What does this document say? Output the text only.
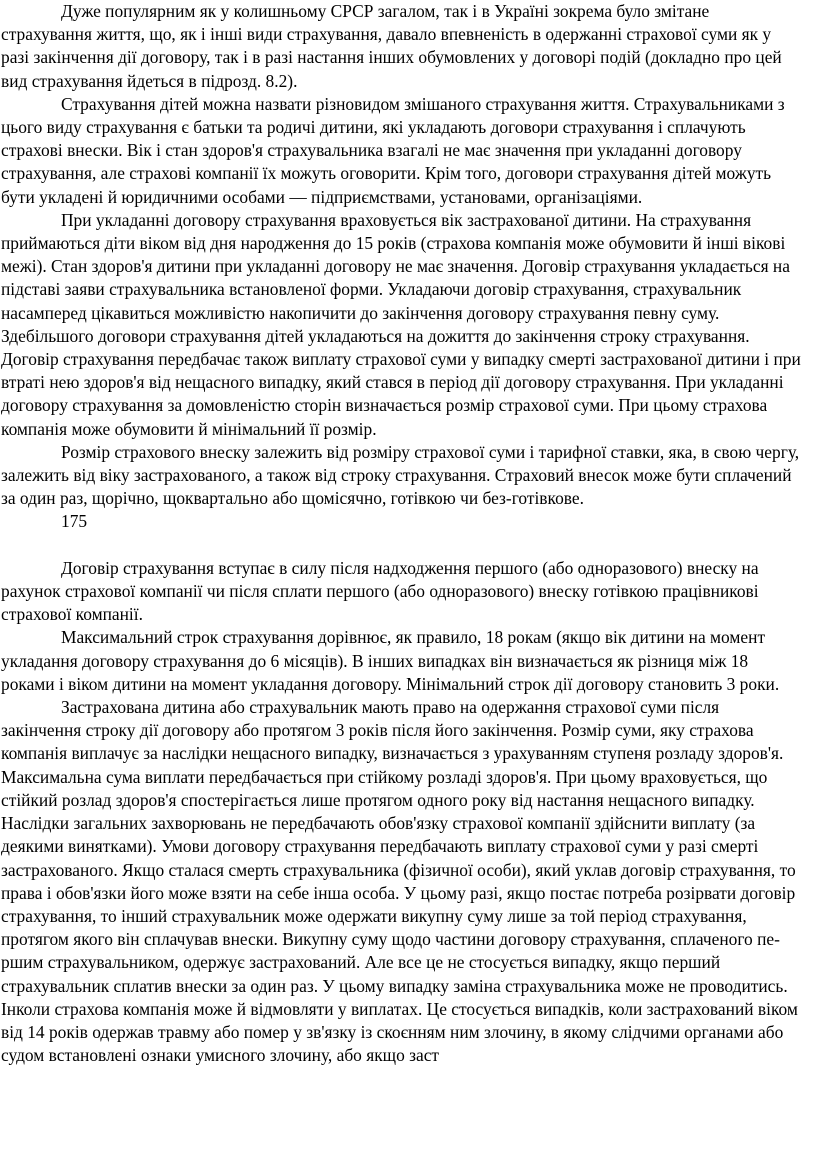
Дуже популярним як у колишньому СРСР загалом, так і в Україні зокрема було змітане страхування життя, що, як і інші види страхування, давало впевненість в одержанні страхової суми як у разі закінчення дії договору, так і в разі настання інших обумовлених у договорі подій (докладно про цей вид страхування йдеться в підрозд. 8.2).

Страхування дітей можна назвати різновидом змішаного страхування життя. Страхувальниками з цього виду страхування є батьки та родичі дитини, які укладають договори страхування і сплачують страхові внески. Вік і стан здоров'я страхувальника взагалі не має значення при укладанні договору страхування, але страхові компанії їх можуть оговорити. Крім того, договори страхування дітей можуть бути укладені й юридичними особами — підприємствами, установами, організаціями.

При укладанні договору страхування враховується вік застрахованої дитини. На страхування приймаються діти віком від дня народження до 15 років (страхова компанія може обумовити й інші вікові межі). Стан здоров'я дитини при укладанні договору не має значення. Договір страхування укладається на підставі заяви страхувальника встановленої форми. Укладаючи договір страхування, страхувальник насамперед цікавиться можливістю накопичити до закінчення договору страхування певну суму. Здебільшого договори страхування дітей укладаються на дожиття до закінчення строку страхування. Договір страхування передбачає також виплату страхової суми у випадку смерті застрахованої дитини і при втраті нею здоров'я від нещасного випадку, який стався в період дії договору страхування. При укладанні договору страхування за домовленістю сторін визначається розмір страхової суми. При цьому страхова компанія може обумовити й мінімальний її розмір.

Розмір страхового внеску залежить від розміру страхової суми і тарифної ставки, яка, в свою чергу, залежить від віку застрахованого, а також від строку страхування. Страховий внесок може бути сплачений за один раз, щорічно, щоквартально або щомісячно, готівкою чи без-готівкове.

175

Договір страхування вступає в силу після надходження першого (або одноразового) внеску на рахунок страхової компанії чи після сплати першого (або одноразового) внеску готівкою працівникові страхової компанії.

Максимальний строк страхування дорівнює, як правило, 18 рокам (якщо вік дитини на момент укладання договору страхування до 6 місяців). В інших випадках він визначається як різниця між 18 роками і віком дитини на момент укладання договору. Мінімальний строк дії договору становить 3 роки.

Застрахована дитина або страхувальник мають право на одержання страхової суми після закінчення строку дії договору або протягом 3 років після його закінчення. Розмір суми, яку страхова компанія виплачує за наслідки нещасного випадку, визначається з урахуванням ступеня розладу здоров'я. Максимальна сума виплати передбачається при стійкому розладі здоров'я. При цьому враховується, що стійкий розлад здоров'я спостерігається лише протягом одного року від настання нещасного випадку. Наслідки загальних захворювань не передбачають обов'язку страхової компанії здійснити виплату (за деякими винятками). Умови договору страхування передбачають виплату страхової суми у разі смерті застрахованого. Якщо сталася смерть страхувальника (фізичної особи), який уклав договір страхування, то права і обов'язки його може взяти на себе інша особа. У цьому разі, якщо постає потреба розірвати договір страхування, то інший страхувальник може одержати викупну суму лише за той період страхування, протягом якого він сплачував внески. Викупну суму щодо частини договору страхування, сплаченого пе-ршим страхувальником, одержує застрахований. Але все це не стосується випадку, якщо перший страхувальник сплатив внески за один раз. У цьому випадку заміна страхувальника може не проводитись.

Інколи страхова компанія може й відмовляти у виплатах. Це стосується випадків, коли застрахований віком від 14 років одержав травму або помер у зв'язку із скоєнням ним злочину, в якому слідчими органами або судом встановлені ознаки умисного злочину, або якщо заст
